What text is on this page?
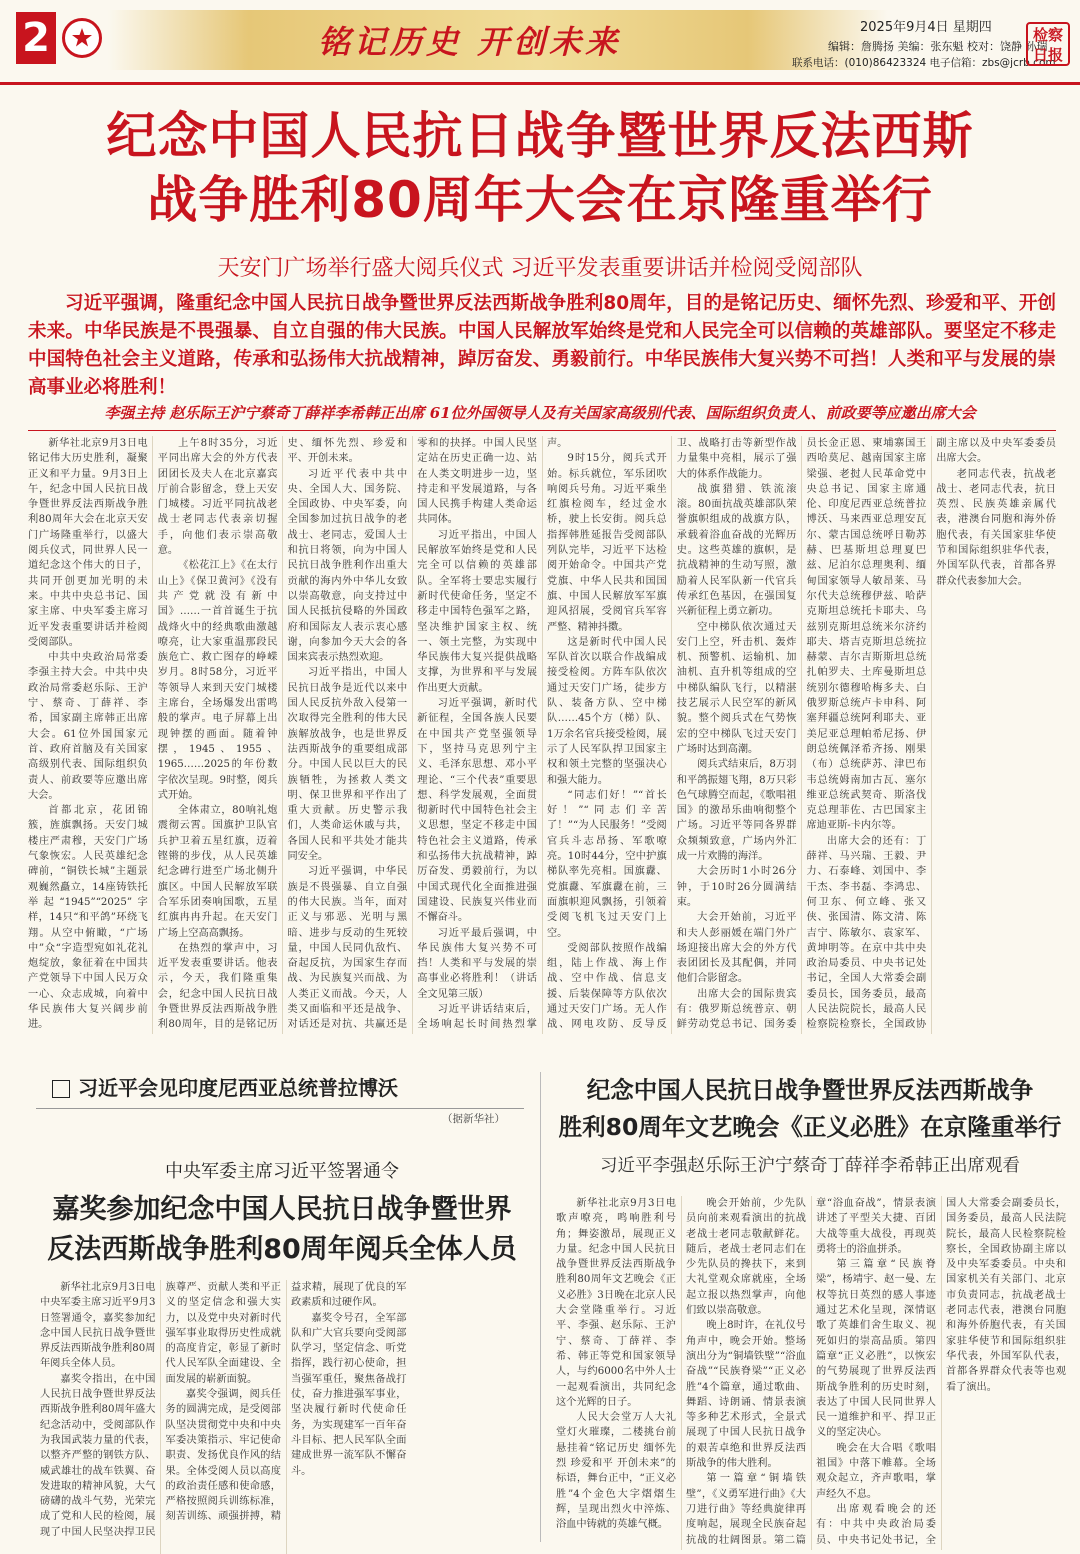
2	铭记历史 开创未来	2025年9月4日 星期四
编辑：詹腾扬 美编：张东魁 校对：饶静 孙瑞
联系电话：(010)86423324 电子信箱：zbs@jcrb.com
检察日报
纪念中国人民抗日战争暨世界反法西斯
战争胜利80周年大会在京隆重举行
天安门广场举行盛大阅兵仪式 习近平发表重要讲话并检阅受阅部队
习近平强调，隆重纪念中国人民抗日战争暨世界反法西斯战争胜利80周年，目的是铭记历史、缅怀先烈、珍爱和平、开创未来。中华民族是不畏强暴、自立自强的伟大民族。中国人民解放军始终是党和人民完全可以信赖的英雄部队。要坚定不移走中国特色社会主义道路，传承和弘扬伟大抗战精神，踔厉奋发、勇毅前行。中华民族伟大复兴势不可挡！人类和平与发展的崇高事业必将胜利！
李强主持 赵乐际王沪宁蔡奇丁薛祥李希韩正出席 61位外国领导人及有关国家高级别代表、国际组织负责人、前政要等应邀出席大会

新华社北京9月3日电 铭记伟大历史胜利，凝聚正义和平力量。9月3日上午，纪念中国人民抗日战争暨世界反法西斯战争胜利80周年大会在北京天安门广场隆重举行，以盛大阅兵仪式，同世界人民一道纪念这个伟大的日子，共同开创更加光明的未来。中共中央总书记、国家主席、中央军委主席习近平发表重要讲话并检阅受阅部队。

中共中央政治局常委李强主持大会。中共中央政治局常委赵乐际、王沪宁、蔡奇、丁薛祥、李希，国家副主席韩正出席大会。61位外国国家元首、政府首脑及有关国家高级别代表、国际组织负责人、前政要等应邀出席大会。

首都北京，花团锦簇，旌旗飘扬。天安门城楼庄严肃穆，天安门广场气象恢宏。人民英雄纪念碑前，“铜铁长城”主题景观巍然矗立，14座铸铁托举起“1945”“2025”字样，14只“和平鸽”环绕飞翔。从空中俯瞰，“广场中”众“字造型宛如礼花礼炮绽放，象征着在中国共产党领导下中国人民万众一心、众志成城，向着中华民族伟大复兴阔步前进。

上午8时35分，习近平同出席大会的外方代表团团长及夫人在北京嘉宾厅前合影留念，登上天安门城楼。习近平同抗战老战士老同志代表亲切握手，向他们表示崇高敬意。

《松花江上》《在太行山上》《保卫黄河》《没有共产党就没有新中国》……一首首诞生于抗战烽火中的经典歌曲激越嘹亮，让大家重温那段民族危亡、救亡图存的峥嵘岁月。8时58分，习近平等领导人来到天安门城楼主席台，全场爆发出雷鸣般的掌声。电子屏幕上出现钟摆的画面。随着钟摆，1945、1955、1965……2025的年份数字依次呈现。9时整，阅兵式开始。

全体肃立，80响礼炮震彻云霄。国旗护卫队官兵护卫着五星红旗，迈着铿锵的步伐，从人民英雄纪念碑行进至广场北侧升旗区。中国人民解放军联合军乐团奏响国歌，五星红旗冉冉升起。在天安门广场上空高高飘扬。

在热烈的掌声中，习近平发表重要讲话。他表示，今天，我们隆重集会，纪念中国人民抗日战争暨世界反法西斯战争胜利80周年，目的是铭记历史、缅怀先烈、珍爱和平、开创未来。

习近平代表中共中央、全国人大、国务院、全国政协、中央军委，向全国参加过抗日战争的老战士、老同志，爱国人士和抗日将领，向为中国人民抗日战争胜利作出重大贡献的海内外中华儿女致以崇高敬意，向支持过中国人民抵抗侵略的外国政府和国际友人表示衷心感谢，向参加今天大会的各国来宾表示热烈欢迎。

习近平指出，中国人民抗日战争是近代以来中国人民反抗外敌入侵第一次取得完全胜利的伟大民族解放战争，也是世界反法西斯战争的重要组成部分。中国人民以巨大的民族牺牲，为拯救人类文明、保卫世界和平作出了重大贡献。历史警示我们，人类命运休戚与共，各国人民和平共处才能共同安全。

习近平强调，中华民族是不畏强暴、自立自强的伟大民族。当年，面对正义与邪恶、光明与黑暗、进步与反动的生死较量，中国人民同仇敌忾、奋起反抗，为国家生存而战、为民族复兴而战、为人类正义而战。今天，人类又面临和平还是战争、对话还是对抗、共赢还是零和的抉择。中国人民坚定站在历史正确一边、站在人类文明进步一边，坚持走和平发展道路，与各国人民携手构建人类命运共同体。

习近平指出，中国人民解放军始终是党和人民完全可以信赖的英雄部队。全军将士要忠实履行新时代使命任务，坚定不移走中国特色强军之路，坚决维护国家主权、统一、领土完整，为实现中华民族伟大复兴提供战略支撑，为世界和平与发展作出更大贡献。

习近平强调，新时代新征程，全国各族人民要在中国共产党坚强领导下，坚持马克思列宁主义、毛泽东思想、邓小平理论、“三个代表”重要思想、科学发展观，全面贯彻新时代中国特色社会主义思想，坚定不移走中国特色社会主义道路，传承和弘扬伟大抗战精神，踔厉奋发、勇毅前行，为以中国式现代化全面推进强国建设、民族复兴伟业而不懈奋斗。

习近平最后强调，中华民族伟大复兴势不可挡！人类和平与发展的崇高事业必将胜利！（讲话全文见第三版）

习近平讲话结束后，全场响起长时间热烈掌声。

9时15分，阅兵式开始。标兵就位，军乐团吹响阅兵号角。习近平乘坐红旗检阅车，经过金水桥，驶上长安街。阅兵总指挥韩胜延报告受阅部队列队完毕，习近平下达检阅开始命令。中国共产党党旗、中华人民共和国国旗、中国人民解放军军旗迎风招展，受阅官兵军容严整、精神抖擞。

这是新时代中国人民军队首次以联合作战编成接受检阅。方阵车队依次通过天安门广场，徒步方队、装备方队、空中梯队……45个方（梯）队、1万余名官兵接受检阅，展示了人民军队捍卫国家主权和领土完整的坚强决心和强大能力。

“同志们好！”“首长好！”“同志们辛苦了！”“为人民服务！”受阅官兵斗志昂扬、军歌嘹亮。10时44分，空中护旗梯队率先亮相。国旗纛、党旗纛、军旗纛在前，三面旗帜迎风飘扬，引领着受阅飞机飞过天安门上空。

受阅部队按照作战编组，陆上作战、海上作战、空中作战、信息支援、后装保障等方队依次通过天安门广场。无人作战、网电攻防、反导反卫、战略打击等新型作战力量集中亮相，展示了强大的体系作战能力。

战旗猎猎、铁流滚滚。80面抗战英雄部队荣誉旗帜组成的战旗方队，承载着浴血奋战的光辉历史。这些英雄的旗帜，是抗战精神的生动写照，激励着人民军队新一代官兵传承红色基因，在强国复兴新征程上勇立新功。

空中梯队依次通过天安门上空，歼击机、轰炸机、预警机、运输机、加油机、直升机等组成的空中梯队编队飞行，以精湛技艺展示人民空军的新风貌。整个阅兵式在气势恢宏的空中梯队飞过天安门广场时达到高潮。

阅兵式结束后，8万羽和平鸽振翅飞翔，8万只彩色气球腾空而起，《歌唱祖国》的激昂乐曲响彻整个广场。习近平等同各界群众频频致意，广场内外汇成一片欢腾的海洋。

大会历时1小时26分钟，于10时26分圆满结束。

大会开始前，习近平和夫人彭丽媛在端门外广场迎接出席大会的外方代表团团长及其配偶，并同他们合影留念。

出席大会的国际贵宾有：俄罗斯总统普京、朝鲜劳动党总书记、国务委员长金正恩、柬埔寨国王西哈莫尼、越南国家主席梁强、老挝人民革命党中央总书记、国家主席通伦、印度尼西亚总统普拉博沃、马来西亚总理安瓦尔、蒙古国总统呼日勒苏赫、巴基斯坦总理夏巴兹、尼泊尔总理奥利、缅甸国家领导人敏昂莱、马尔代夫总统穆伊兹、哈萨克斯坦总统托卡耶夫、乌兹别克斯坦总统米尔济约耶夫、塔吉克斯坦总统拉赫蒙、吉尔吉斯斯坦总统扎帕罗夫、土库曼斯坦总统别尔德穆哈梅多夫、白俄罗斯总统卢卡申科、阿塞拜疆总统阿利耶夫、亚美尼亚总理帕希尼扬、伊朗总统佩泽希齐扬、刚果（布）总统萨苏、津巴布韦总统姆南加古瓦、塞尔维亚总统武契奇、斯洛伐克总理菲佐、古巴国家主席迪亚斯-卡内尔等。

出席大会的还有：丁薛祥、马兴瑞、王毅、尹力、石泰峰、刘国中、李干杰、李书磊、李鸿忠、何卫东、何立峰、张又侠、张国清、陈文清、陈吉宁、陈敏尔、袁家军、黄坤明等。在京中共中央政治局委员、中央书记处书记，全国人大常委会副委员长，国务委员，最高人民法院院长，最高人民检察院检察长，全国政协副主席以及中央军委委员出席大会。

老同志代表，抗战老战士、老同志代表，抗日英烈、民族英雄亲属代表，港澳台同胞和海外侨胞代表，有关国家驻华使节和国际组织驻华代表，外国军队代表，首都各界群众代表参加大会。

习近平会见印度尼西亚总统普拉博沃
（据新华社）
中央军委主席习近平签署通令
嘉奖参加纪念中国人民抗日战争暨世界
反法西斯战争胜利80周年阅兵全体人员

新华社北京9月3日电 中央军委主席习近平9月3日签署通令，嘉奖参加纪念中国人民抗日战争暨世界反法西斯战争胜利80周年阅兵全体人员。

嘉奖令指出，在中国人民抗日战争暨世界反法西斯战争胜利80周年盛大纪念活动中，受阅部队作为我国武装力量的代表，以整齐严整的钢铁方队、威武雄壮的战车铁翼、奋发进取的精神风貌，大气磅礴的战斗气势，光荣完成了党和人民的检阅，展现了中国人民坚决捍卫民族尊严、贡献人类和平正义的坚定信念和强大实力，以及党中央对新时代强军事业取得历史性成就的高度肯定，彰显了新时代人民军队全面建设、全面发展的崭新面貌。

嘉奖令强调，阅兵任务的圆满完成，是受阅部队坚决贯彻党中央和中央军委决策指示、牢记使命职责、发扬优良作风的结果。全体受阅人员以高度的政治责任感和使命感，严格按照阅兵训练标准，刻苦训练、顽强拼搏，精益求精，展现了优良的军政素质和过硬作风。

嘉奖令号召，全军部队和广大官兵要向受阅部队学习，坚定信念、听党指挥，践行初心使命，担当强军重任，聚焦备战打仗，奋力推进强军事业，坚决履行新时代使命任务，为实现建军一百年奋斗目标、把人民军队全面建成世界一流军队不懈奋斗。

纪念中国人民抗日战争暨世界反法西斯战争
胜利80周年文艺晚会《正义必胜》在京隆重举行
习近平李强赵乐际王沪宁蔡奇丁薛祥李希韩正出席观看

新华社北京9月3日电 歌声嘹亮，鸣响胜利号角；舞姿激昂，展现正义力量。纪念中国人民抗日战争暨世界反法西斯战争胜利80周年文艺晚会《正义必胜》3日晚在北京人民大会堂隆重举行。习近平、李强、赵乐际、王沪宁、蔡奇、丁薛祥、李希、韩正等党和国家领导人，与约6000名中外人士一起观看演出，共同纪念这个光辉的日子。

人民大会堂万人大礼堂灯火璀璨，二楼挑台前悬挂着“铭记历史 缅怀先烈 珍爱和平 开创未来”的标语，舞台正中，“正义必胜”4个金色大字熠熠生辉，呈现出烈火中淬炼、浴血中铸就的英雄气概。

晚会开始前，少先队员向前来观看演出的抗战老战士老同志敬献鲜花。随后，老战士老同志们在少先队员的搀扶下，来到大礼堂观众席就座，全场起立报以热烈掌声，向他们致以崇高敬意。

晚上8时许，在礼仪号角声中，晚会开始。整场演出分为“铜墙铁壁”“浴血奋战”“民族脊梁”“正义必胜”4个篇章，通过歌曲、舞蹈、诗朗诵、情景表演等多种艺术形式，全景式展现了中国人民抗日战争的艰苦卓绝和世界反法西斯战争的伟大胜利。

第一篇章“铜墙铁壁”，《义勇军进行曲》《大刀进行曲》等经典旋律再度响起，展现全民族奋起抗战的壮阔图景。第二篇章“浴血奋战”，情景表演讲述了平型关大捷、百团大战等重大战役，再现英勇将士的浴血拼杀。

第三篇章“民族脊梁”，杨靖宇、赵一曼、左权等抗日英烈的感人事迹通过艺术化呈现，深情讴歌了英雄们舍生取义、视死如归的崇高品质。第四篇章“正义必胜”，以恢宏的气势展现了世界反法西斯战争胜利的历史时刻，表达了中国人民同世界人民一道维护和平、捍卫正义的坚定决心。

晚会在大合唱《歌唱祖国》中落下帷幕。全场观众起立，齐声歌唱，掌声经久不息。

出席观看晚会的还有：中共中央政治局委员、中央书记处书记，全国人大常委会副委员长，国务委员，最高人民法院院长，最高人民检察院检察长，全国政协副主席以及中央军委委员。中央和国家机关有关部门、北京市负责同志，抗战老战士老同志代表，港澳台同胞和海外侨胞代表，有关国家驻华使节和国际组织驻华代表，外国军队代表，首都各界群众代表等也观看了演出。
